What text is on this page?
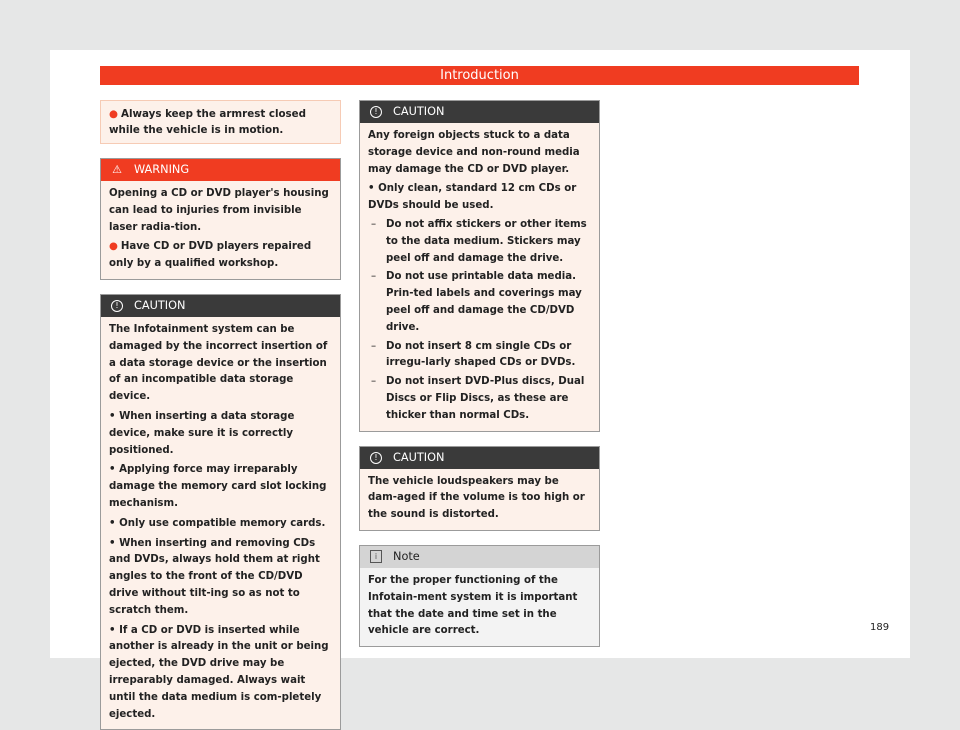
Introduction
● Always keep the armrest closed while the vehicle is in motion.
⚠ WARNING

Opening a CD or DVD player's housing can lead to injuries from invisible laser radia-tion.

● Have CD or DVD players repaired only by a qualified workshop.

! CAUTION

The Infotainment system can be damaged by the incorrect insertion of a data storage device or the insertion of an incompatible data storage device.

• When inserting a data storage device, make sure it is correctly positioned.

• Applying force may irreparably damage the memory card slot locking mechanism.

• Only use compatible memory cards.

• When inserting and removing CDs and DVDs, always hold them at right angles to the front of the CD/DVD drive without tilt-ing so as not to scratch them.

• If a CD or DVD is inserted while another is already in the unit or being ejected, the DVD drive may be irreparably damaged. Always wait until the data medium is com-pletely ejected.

! CAUTION

Any foreign objects stuck to a data storage device and non-round media may damage the CD or DVD player.

• Only clean, standard 12 cm CDs or DVDs should be used.

– Do not affix stickers or other items to the data medium. Stickers may peel off and damage the drive.
– Do not use printable data media. Prin-ted labels and coverings may peel off and damage the CD/DVD drive.
– Do not insert 8 cm single CDs or irregu-larly shaped CDs or DVDs.
– Do not insert DVD-Plus discs, Dual Discs or Flip Discs, as these are thicker than normal CDs.
! CAUTION

The vehicle loudspeakers may be dam-aged if the volume is too high or the sound is distorted.

i Note

For the proper functioning of the Infotain-ment system it is important that the date and time set in the vehicle are correct.	189
